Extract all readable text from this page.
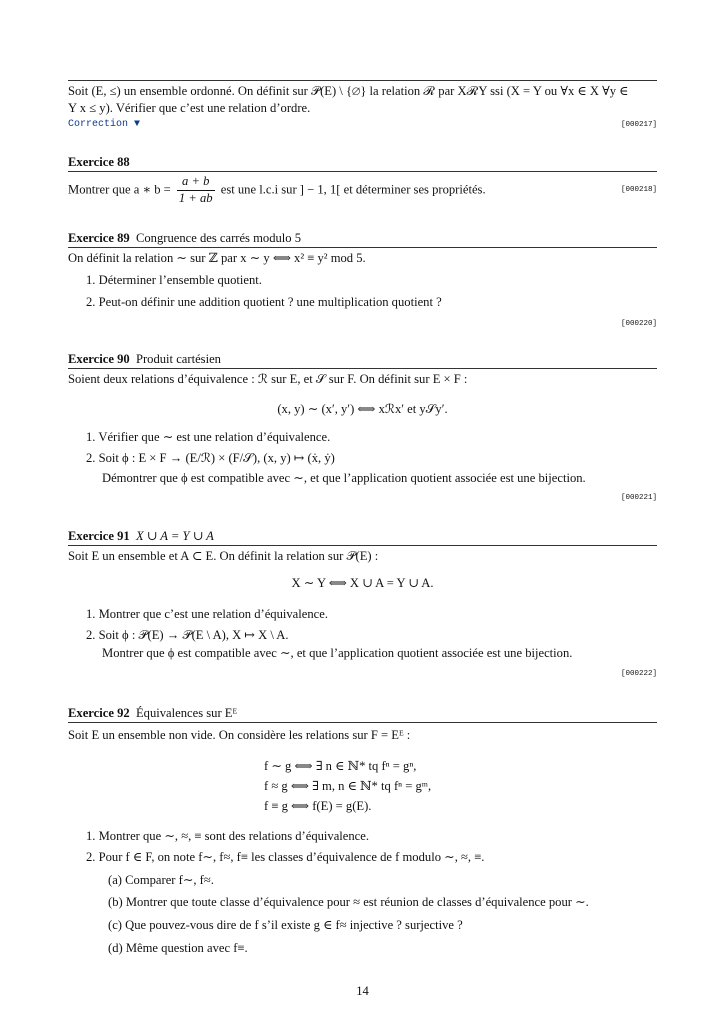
Soit (E, ≤) un ensemble ordonné. On définit sur 𝒫(E) \ {∅} la relation ℛ par XℛY ssi (X = Y ou ∀x ∈ X ∀y ∈
Y x ≤ y). Vérifier que c’est une relation d’ordre.
Correction ▼	[000217]
Exercice 88
Montrer que a ∗ $b = \frac{a + b}{1 + ab}$ est une l.c.i sur ] − 1, 1[ et déterminer ses propriétés.	[000218]
Exercice 89 Congruence des carrés modulo 5
On définit la relation ∼ sur ℤ par x ∼ y ⟺ x² ≡ y² mod 5.
1. Déterminer l’ensemble quotient.
2. Peut-on définir une addition quotient ? une multiplication quotient ?
[000220]
Exercice 90 Produit cartésien
Soient deux relations d’équivalence : ℛ sur E, et 𝒮 sur F. On définit sur E × F :
(x, y) ∼ (x′, y′) ⟺ xℛx′ et y𝒮y′.
1. Vérifier que ∼ est une relation d’équivalence.
2. Soit ϕ : E × F → (E/ℛ) × (F/𝒮), (x, y) ↦ (ẋ, ẏ)
Démontrer que ϕ est compatible avec ∼, et que l’application quotient associée est une bijection.
[000221]
Exercice 91 X ∪ A = Y ∪ A
Soit E un ensemble et A ⊂ E. On définit la relation sur 𝒫(E) :
X ∼ Y ⟺ X ∪ A = Y ∪ A.
1. Montrer que c’est une relation d’équivalence.
2. Soit ϕ : 𝒫(E) → 𝒫(E \ A), X ↦ X \ A.
Montrer que ϕ est compatible avec ∼, et que l’application quotient associée est une bijection.
[000222]
Exercice 92 Équivalences sur Eᴱ
Soit E un ensemble non vide. On considère les relations sur F = Eᴱ :
f ∼ g ⟺ ∃ n ∈ ℕ* tq fⁿ = gⁿ,
f ≈ g ⟺ ∃ m, n ∈ ℕ* tq fⁿ = gᵐ,
f ≡ g ⟺ f(E) = g(E).
1. Montrer que ∼, ≈, ≡ sont des relations d’équivalence.
2. Pour f ∈ F, on note f∼, f≈, f≡ les classes d’équivalence de f modulo ∼, ≈, ≡.
(a) Comparer f∼, f≈.
(b) Montrer que toute classe d’équivalence pour ≈ est réunion de classes d’équivalence pour ∼.
(c) Que pouvez-vous dire de f s’il existe g ∈ f≈ injective ? surjective ?
(d) Même question avec f≡.
14
